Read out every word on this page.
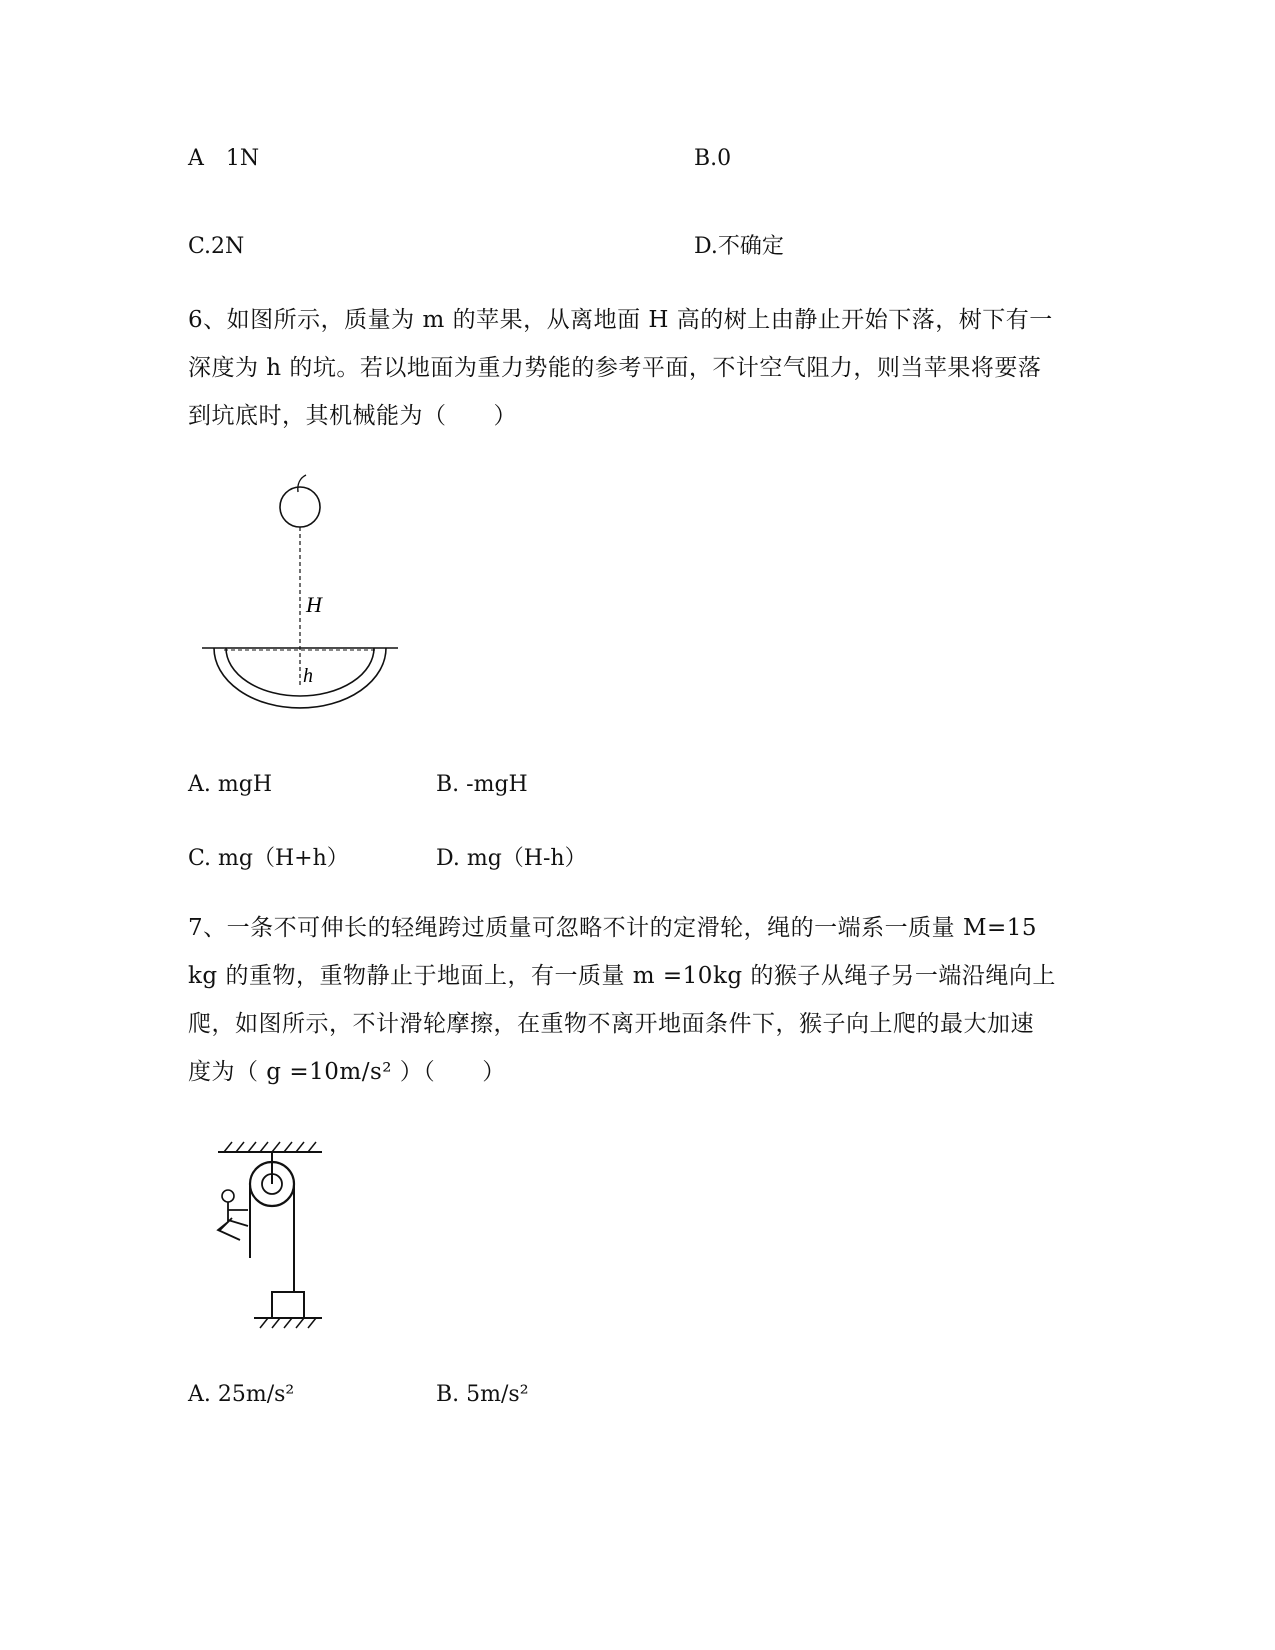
A 1N	B.0
C.2N	D.不确定
6、如图所示，质量为 m 的苹果，从离地面 H 高的树上由静止开始下落，树下有一
深度为 h 的坑。若以地面为重力势能的参考平面，不计空气阻力，则当苹果将要落
到坑底时，其机械能为（　　）
H
h
A. mgH	B. -mgH
C. mg（H+h）	D. mg（H-h）
7、一条不可伸长的轻绳跨过质量可忽略不计的定滑轮，绳的一端系一质量 M=15
kg 的重物，重物静止于地面上，有一质量 m =10kg 的猴子从绳子另一端沿绳向上
爬，如图所示，不计滑轮摩擦，在重物不离开地面条件下，猴子向上爬的最大加速
度为（ g =10m/s² ）（　　）
A. 25m/s²	B. 5m/s²
